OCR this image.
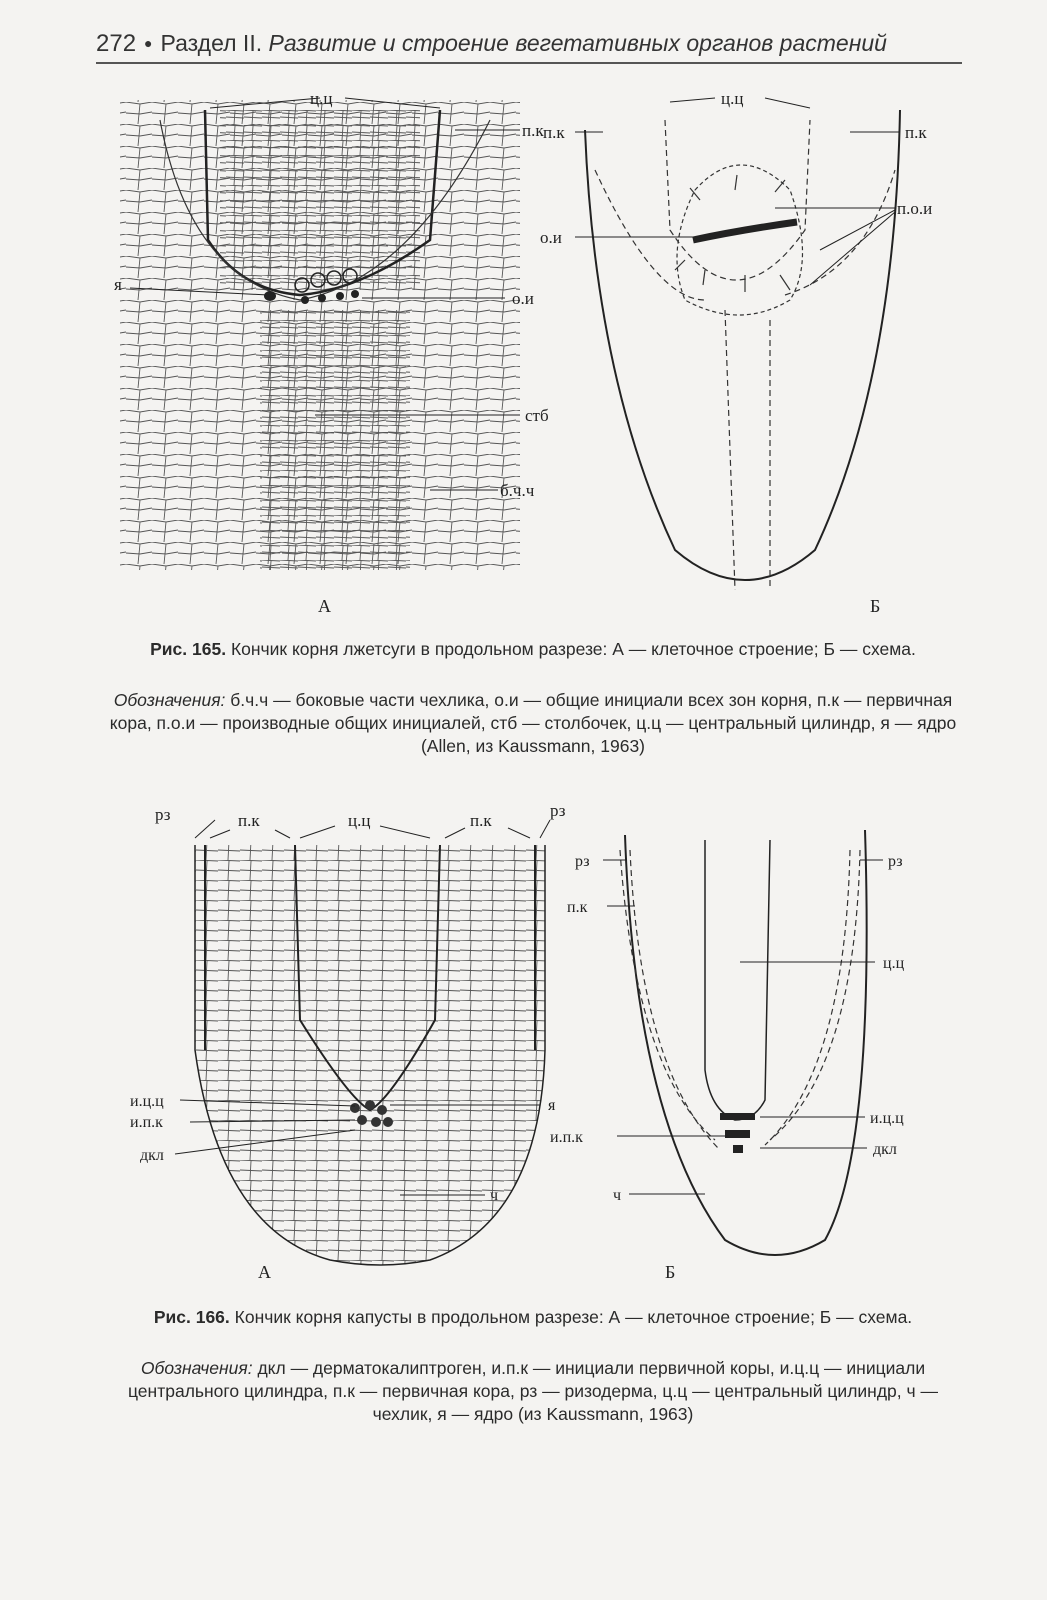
272 ● Раздел II. Развитие и строение вегетативных органов растений
ц.ц
п.к
я
о.и
стб
б.ч.ч
А
ц.ц
п.к	п.к
п.о.и
о.и
Б
Рис. 165. Кончик корня лжетсуги в продольном разрезе: А — клеточное строение; Б — схема.
Обозначения: б.ч.ч — боковые части чехлика, о.и — общие инициали всех зон корня, п.к — первичная кора, п.о.и — производные общих инициалей, стб — столбочек, ц.ц — центральный цилиндр, я — ядро (Allen, из Kaussmann, 1963)
рз	п.к	ц.ц	п.к
рз
и.ц.ц
и.п.к
дкл
я
ч
А
рз
п.к
рз
ц.ц
и.ц.ц
и.п.к
дкл
ч
Б
Рис. 166. Кончик корня капусты в продольном разрезе: А — клеточное строение; Б — схема.
Обозначения: дкл — дерматокалиптроген, и.п.к — инициали первичной коры, и.ц.ц — инициали центрального цилиндра, п.к — первичная кора, рз — ризодерма, ц.ц — центральный цилиндр, ч — чехлик, я — ядро (из Kaussmann, 1963)
